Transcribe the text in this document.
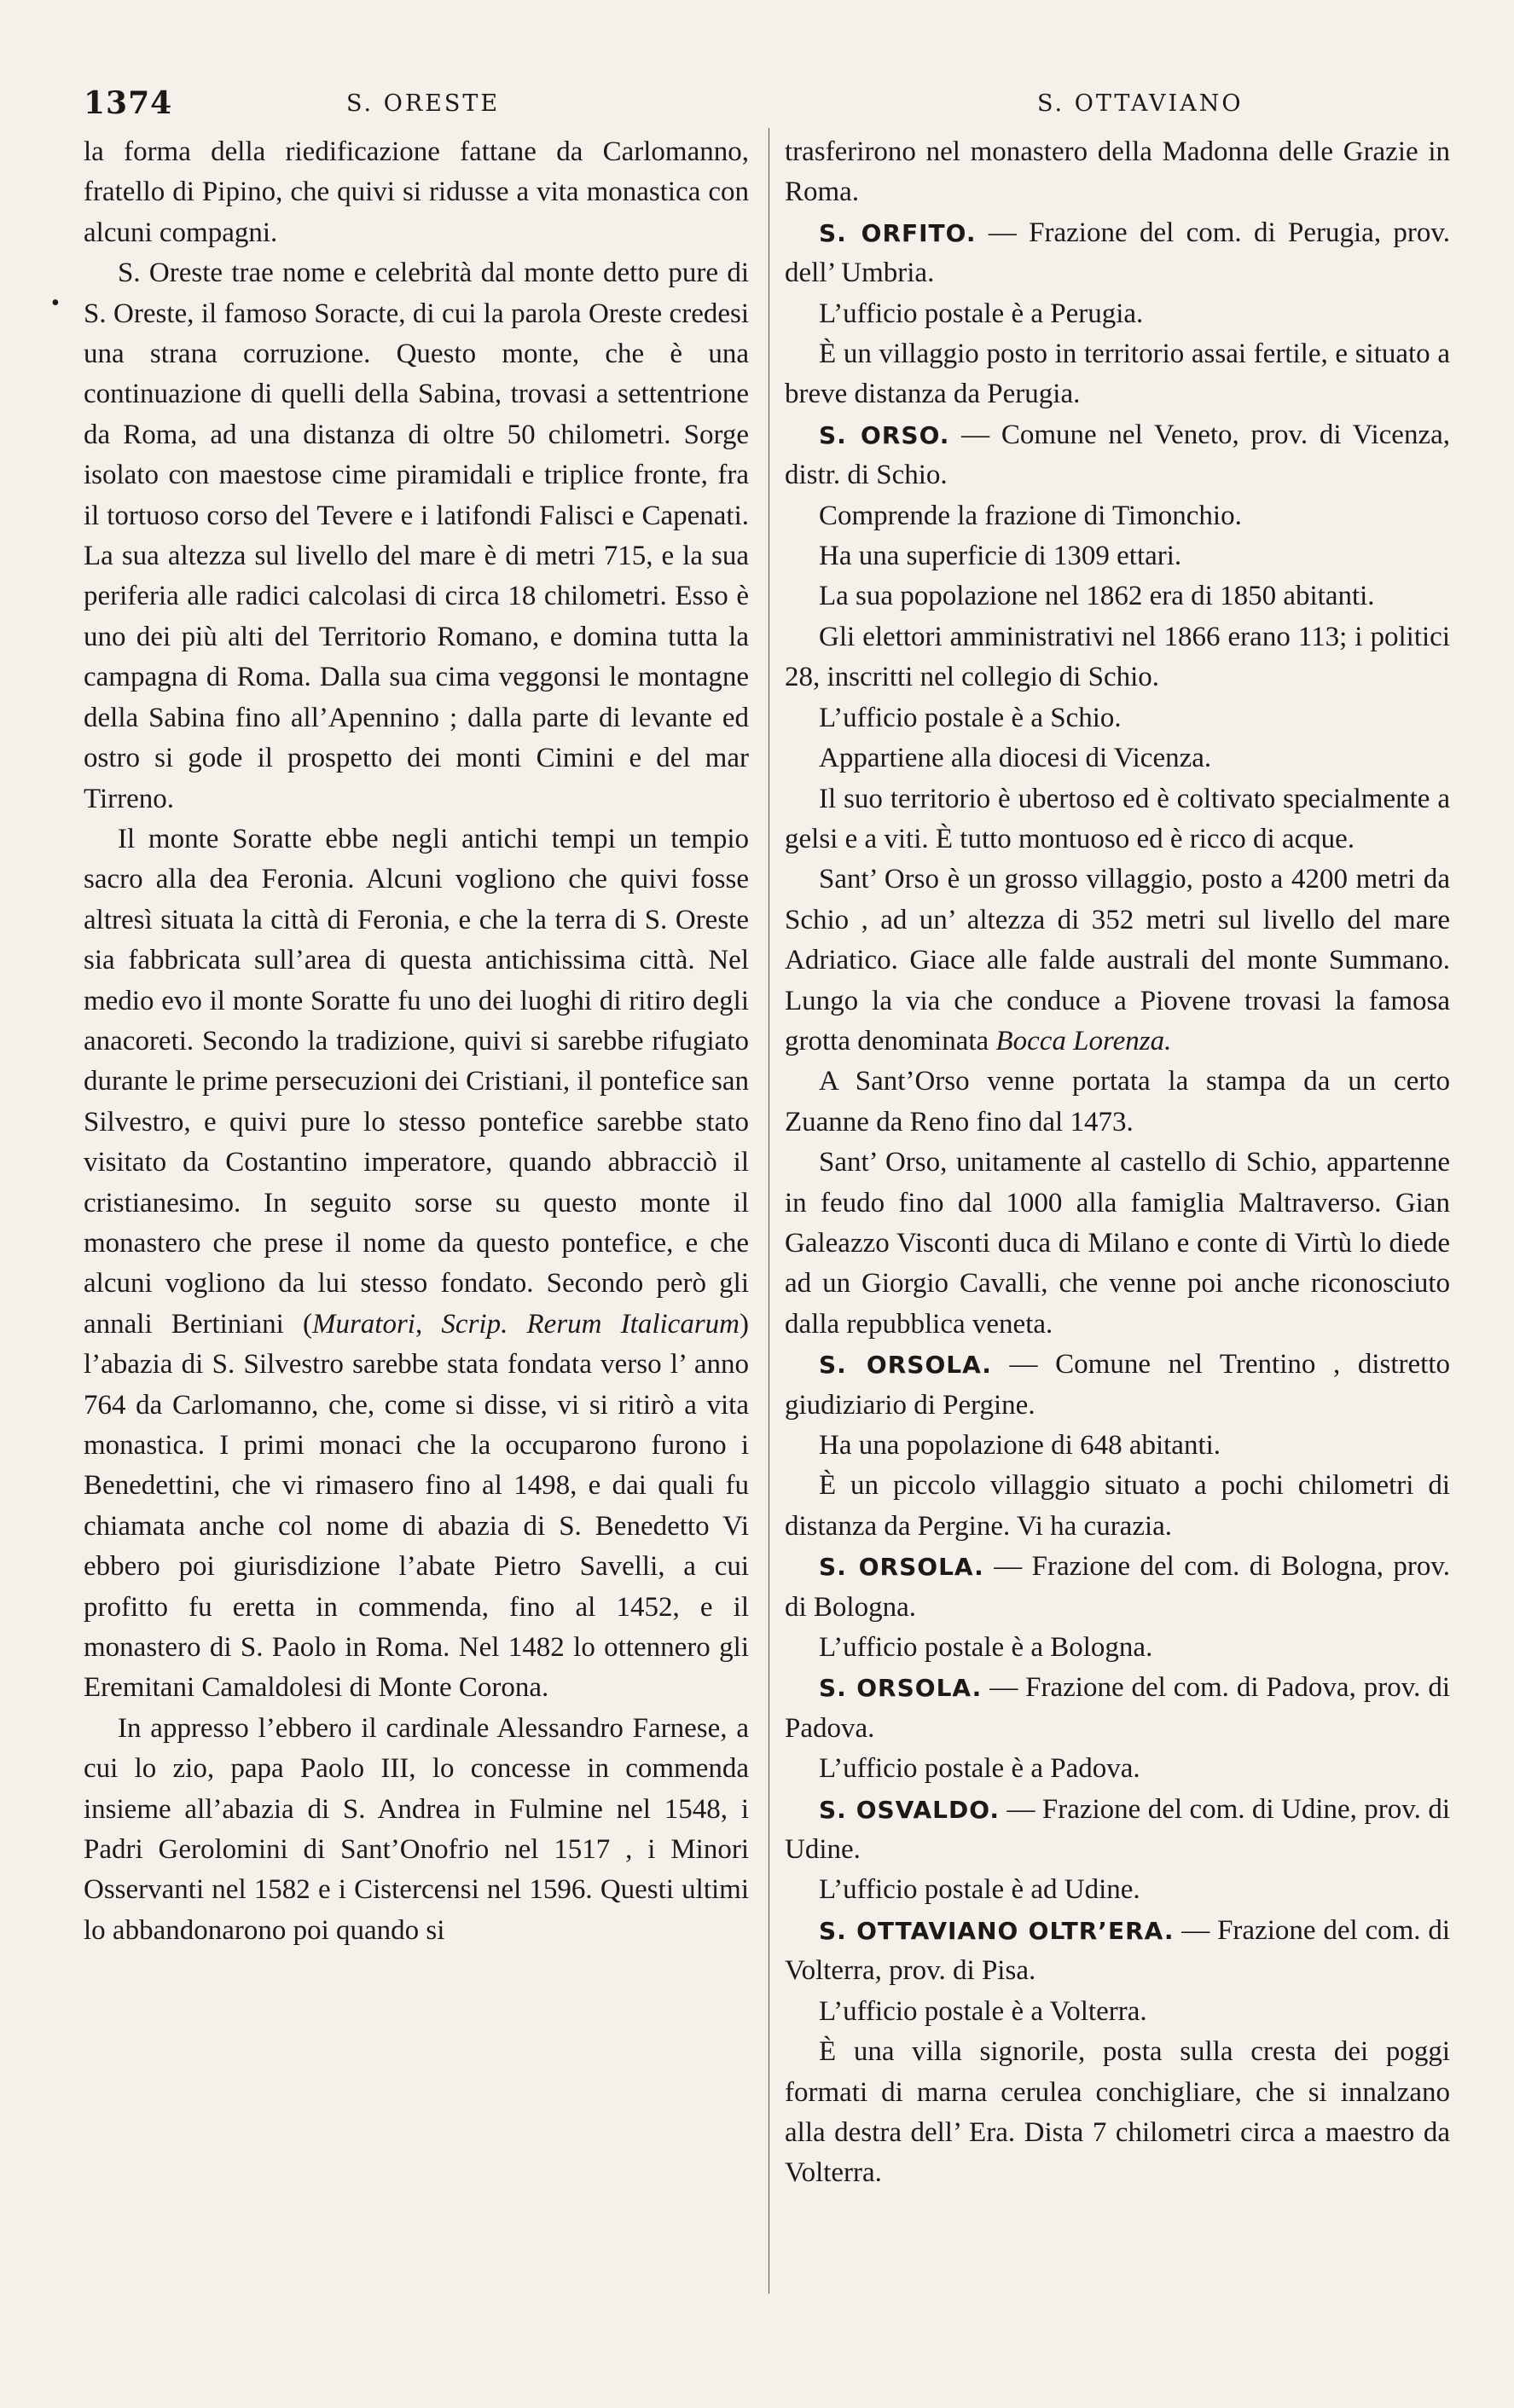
1374	S. ORESTE	S. OTTAVIANO
•

la forma della riedificazione fattane da Carlomanno, fratello di Pipino, che quivi si ridusse a vita monastica con alcuni compagni.

S. Oreste trae nome e celebrità dal monte detto pure di S. Oreste, il famoso Soracte, di cui la parola Oreste credesi una strana corruzione. Questo monte, che è una continuazione di quelli della Sabina, trovasi a settentrione da Roma, ad una distanza di oltre 50 chilometri. Sorge isolato con maestose cime piramidali e triplice fronte, fra il tortuoso corso del Tevere e i latifondi Falisci e Capenati. La sua altezza sul livello del mare è di metri 715, e la sua periferia alle radici calcolasi di circa 18 chilometri. Esso è uno dei più alti del Territorio Romano, e domina tutta la campagna di Roma. Dalla sua cima veggonsi le montagne della Sabina fino all’Apennino ; dalla parte di levante ed ostro si gode il prospetto dei monti Cimini e del mar Tirreno.

Il monte Soratte ebbe negli antichi tempi un tempio sacro alla dea Feronia. Alcuni vogliono che quivi fosse altresì situata la città di Feronia, e che la terra di S. Oreste sia fabbricata sull’area di questa antichissima città. Nel medio evo il monte Soratte fu uno dei luoghi di ritiro degli anacoreti. Secondo la tradizione, quivi si sarebbe rifugiato durante le prime persecuzioni dei Cristiani, il pontefice san Silvestro, e quivi pure lo stesso pontefice sarebbe stato visitato da Costantino imperatore, quando abbracciò il cristianesimo. In seguito sorse su questo monte il monastero che prese il nome da questo pontefice, e che alcuni vogliono da lui stesso fondato. Secondo però gli annali Bertiniani (Muratori, Scrip. Rerum Italicarum) l’abazia di S. Silvestro sarebbe stata fondata verso l’ anno 764 da Carlomanno, che, come si disse, vi si ritirò a vita monastica. I primi monaci che la occuparono furono i Benedettini, che vi rimasero fino al 1498, e dai quali fu chiamata anche col nome di abazia di S. Benedetto Vi ebbero poi giurisdizione l’abate Pietro Savelli, a cui profitto fu eretta in commenda, fino al 1452, e il monastero di S. Paolo in Roma. Nel 1482 lo ottennero gli Eremitani Camaldolesi di Monte Corona.

In appresso l’ebbero il cardinale Alessandro Farnese, a cui lo zio, papa Paolo III, lo concesse in commenda insieme all’abazia di S. Andrea in Fulmine nel 1548, i Padri Gerolomini di Sant’Onofrio nel 1517 , i Minori Osservanti nel 1582 e i Cistercensi nel 1596. Questi ultimi lo abbandonarono poi quando si

trasferirono nel monastero della Madonna delle Grazie in Roma.

S. ORFITO. — Frazione del com. di Perugia, prov. dell’ Umbria.

L’ufficio postale è a Perugia.

È un villaggio posto in territorio assai fertile, e situato a breve distanza da Perugia.

S. ORSO. — Comune nel Veneto, prov. di Vicenza, distr. di Schio.

Comprende la frazione di Timonchio.

Ha una superficie di 1309 ettari.

La sua popolazione nel 1862 era di 1850 abitanti.

Gli elettori amministrativi nel 1866 erano 113; i politici 28, inscritti nel collegio di Schio.

L’ufficio postale è a Schio.

Appartiene alla diocesi di Vicenza.

Il suo territorio è ubertoso ed è coltivato specialmente a gelsi e a viti. È tutto montuoso ed è ricco di acque.

Sant’ Orso è un grosso villaggio, posto a 4200 metri da Schio , ad un’ altezza di 352 metri sul livello del mare Adriatico. Giace alle falde australi del monte Summano. Lungo la via che conduce a Piovene trovasi la famosa grotta denominata Bocca Lorenza.

A Sant’Orso venne portata la stampa da un certo Zuanne da Reno fino dal 1473.

Sant’ Orso, unitamente al castello di Schio, appartenne in feudo fino dal 1000 alla famiglia Maltraverso. Gian Galeazzo Visconti duca di Milano e conte di Virtù lo diede ad un Giorgio Cavalli, che venne poi anche riconosciuto dalla repubblica veneta.

S. ORSOLA. — Comune nel Trentino , distretto giudiziario di Pergine.

Ha una popolazione di 648 abitanti.

È un piccolo villaggio situato a pochi chilometri di distanza da Pergine. Vi ha curazia.

S. ORSOLA. — Frazione del com. di Bologna, prov. di Bologna.

L’ufficio postale è a Bologna.

S. ORSOLA. — Frazione del com. di Padova, prov. di Padova.

L’ufficio postale è a Padova.

S. OSVALDO. — Frazione del com. di Udine, prov. di Udine.

L’ufficio postale è ad Udine.

S. OTTAVIANO OLTR’ERA. — Frazione del com. di Volterra, prov. di Pisa.

L’ufficio postale è a Volterra.

È una villa signorile, posta sulla cresta dei poggi formati di marna cerulea conchigliare, che si innalzano alla destra dell’ Era. Dista 7 chilometri circa a maestro da Volterra.
